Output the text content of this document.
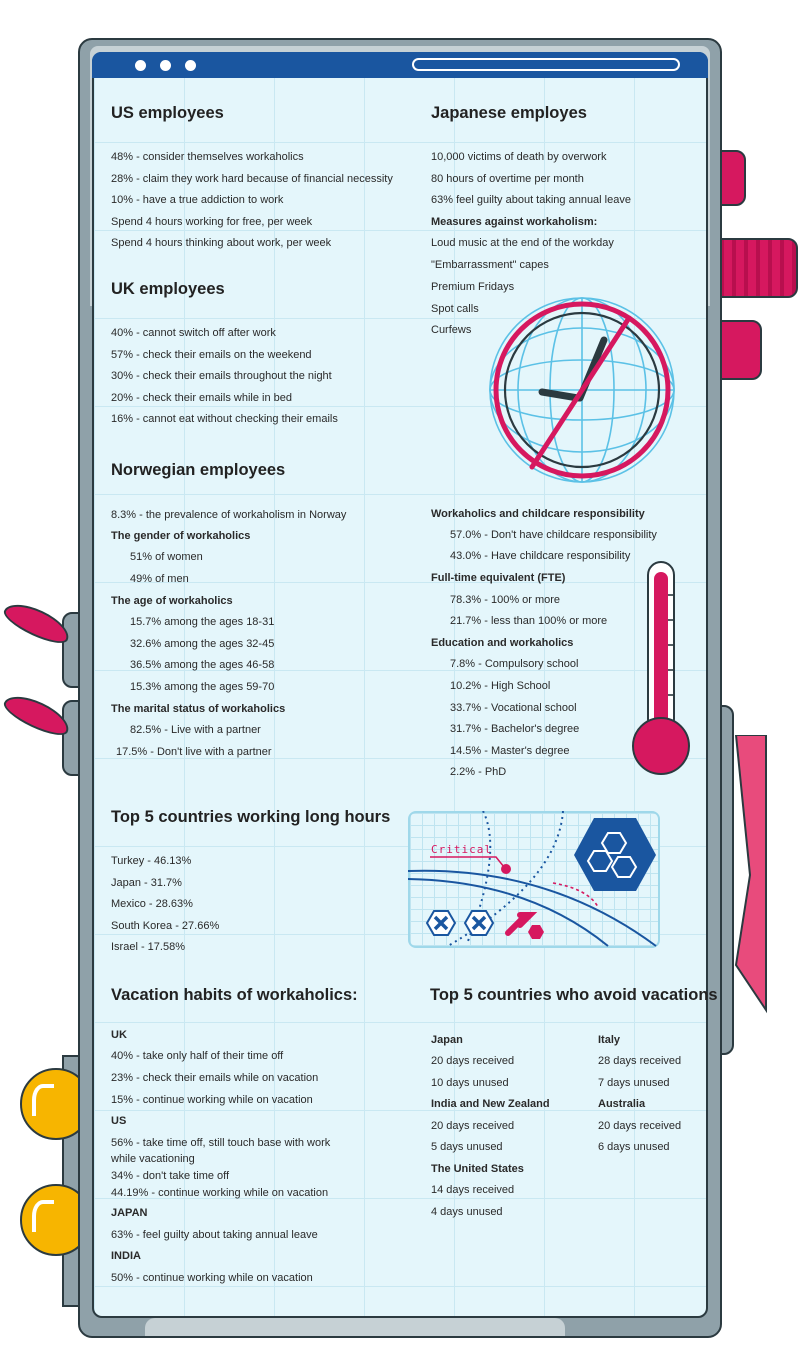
US employees
48% - consider themselves workaholics
28% - claim they work hard because of financial necessity
10% - have a true addiction to work
Spend 4 hours working for free, per week
Spend 4 hours thinking about work, per week
Japanese employes
10,000 victims of death by overwork
80 hours of overtime per month
63% feel guilty about taking annual leave
Measures against workaholism:
Loud music at the end of the workday
"Embarrassment" capes
Premium Fridays
Spot calls
Curfews
UK employees
40% - cannot switch off after work
57% - check their emails on the weekend
30% - check their emails throughout the night
20% - check their emails while in bed
16% - cannot eat without checking their emails
Norwegian employees
8.3% - the prevalence of workaholism in Norway
The gender of workaholics
51% of women
49% of men
The age of workaholics
15.7% among the ages 18-31
32.6% among the ages 32-45
36.5% among the ages 46-58
15.3% among the ages 59-70
The marital status of workaholics
82.5% - Live with a partner
17.5% - Don't live with a partner
Workaholics and childcare responsibility
57.0% - Don't have childcare responsibility
43.0% - Have childcare responsibility
Full-time equivalent (FTE)
78.3% - 100% or more
21.7% - less than 100% or more
Education and workaholics
7.8% - Compulsory school
10.2% - High School
33.7% - Vocational school
31.7% - Bachelor's degree
14.5% - Master's degree
2.2% - PhD
Top 5 countries working long hours
Turkey - 46.13%
Japan - 31.7%
Mexico - 28.63%
South Korea - 27.66%
Israel - 17.58%
Critical
Vacation habits of workaholics:
UK
40% - take only half of their time off
23% - check their emails while on vacation
15% - continue working while on vacation
US
56% - take time off, still touch base with work
while vacationing
34% - don't take time off
44.19% - continue working while on vacation
JAPAN
63% - feel guilty about taking annual leave
INDIA
50% - continue working while on vacation
Top 5 countries who avoid vacations
Japan
20 days received
10 days unused
India and New Zealand
20 days received
5 days unused
The United States
14 days received
4 days unused
Italy
28 days received
7 days unused
Australia
20 days received
6 days unused
